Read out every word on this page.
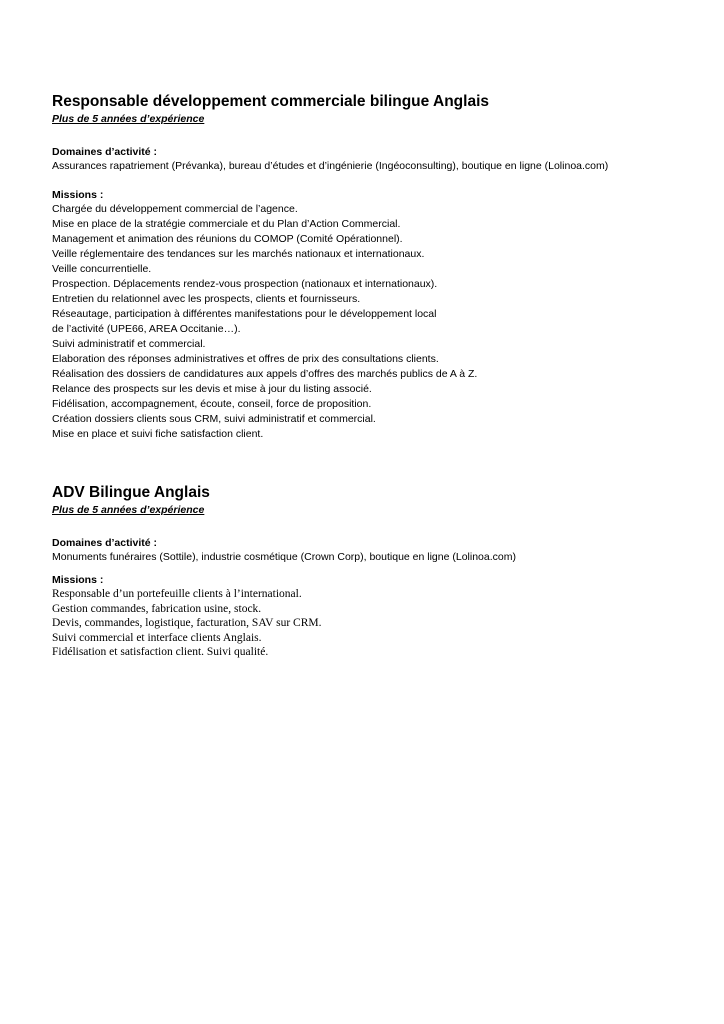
Responsable développement commerciale bilingue Anglais

Plus de 5 années d’expérience

Domaines d’activité :

Assurances rapatriement (Prévanka), bureau d’études et d’ingénierie (Ingéoconsulting), boutique en ligne (Lolinoa.com)

Missions :

Chargée du développement commercial de l’agence.
Mise en place de la stratégie commerciale et du Plan d’Action Commercial.
Management et animation des réunions du COMOP (Comité Opérationnel).
Veille réglementaire des tendances sur les marchés nationaux et internationaux.
Veille concurrentielle.
Prospection. Déplacements rendez-vous prospection (nationaux et internationaux).
Entretien du relationnel avec les prospects, clients et fournisseurs.
Réseautage, participation à différentes manifestations pour le développement local
de l’activité (UPE66, AREA Occitanie…).
Suivi administratif et commercial.
Elaboration des réponses administratives et offres de prix des consultations clients.
Réalisation des dossiers de candidatures aux appels d’offres des marchés publics de A à Z.
Relance des prospects sur les devis et mise à jour du listing associé.
Fidélisation, accompagnement, écoute, conseil, force de proposition.
Création dossiers clients sous CRM, suivi administratif et commercial.
Mise en place et suivi fiche satisfaction client.
ADV Bilingue Anglais

Plus de 5 années d’expérience

Domaines d’activité :

Monuments funéraires (Sottile), industrie cosmétique (Crown Corp), boutique en ligne (Lolinoa.com)

Missions :

Responsable d’un portefeuille clients à l’international.
Gestion commandes, fabrication usine, stock.
Devis, commandes, logistique, facturation, SAV sur CRM.
Suivi commercial et interface clients Anglais.
Fidélisation et satisfaction client. Suivi qualité.
